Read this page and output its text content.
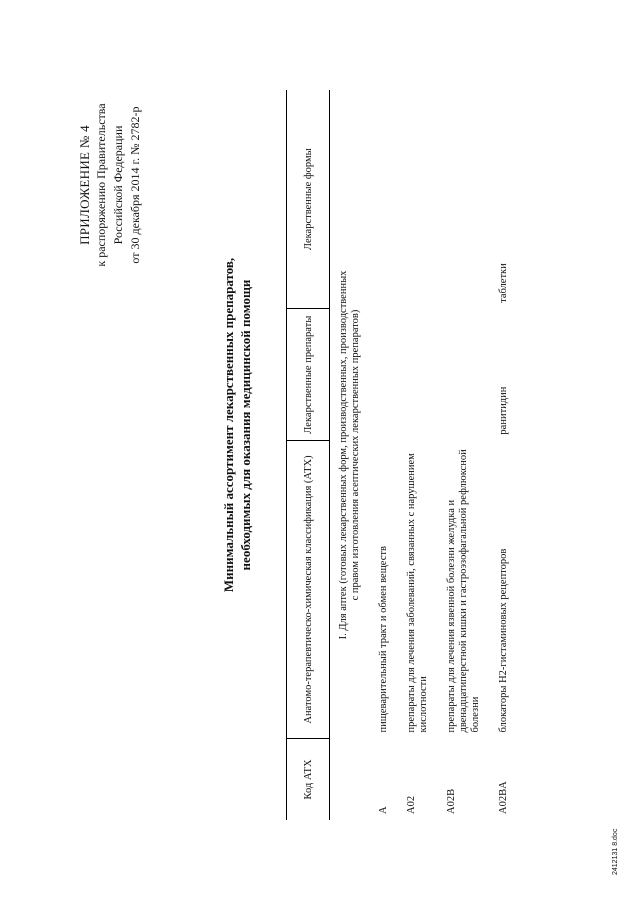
ПРИЛОЖЕНИЕ № 4 к распоряжению Правительства Российской Федерации от 30 декабря 2014 г. № 2782-р
Минимальный ассортимент лекарственных препаратов, необходимых для оказания медицинской помощи
Код АТХ	Анатомо-терапевтическо-химическая классификация (АТХ)	Лекарственные препараты	Лекарственные формы

I. Для аптек (готовых лекарственных форм, производственных, производственных с правом изготовления асептических лекарственных препаратов)			

A	пищеварительный тракт и обмен веществ		
A02	препараты для лечения заболеваний, связанных с нарушением кислотности		
A02B	препараты для лечения язвенной болезни желудка и двенадцатиперстной кишки и гастроэзофагальной рефлюксной болезни		
A02BA	блокаторы H2-гистаминовых рецепторов	ранитидин	таблетки
2412131 8.doc
